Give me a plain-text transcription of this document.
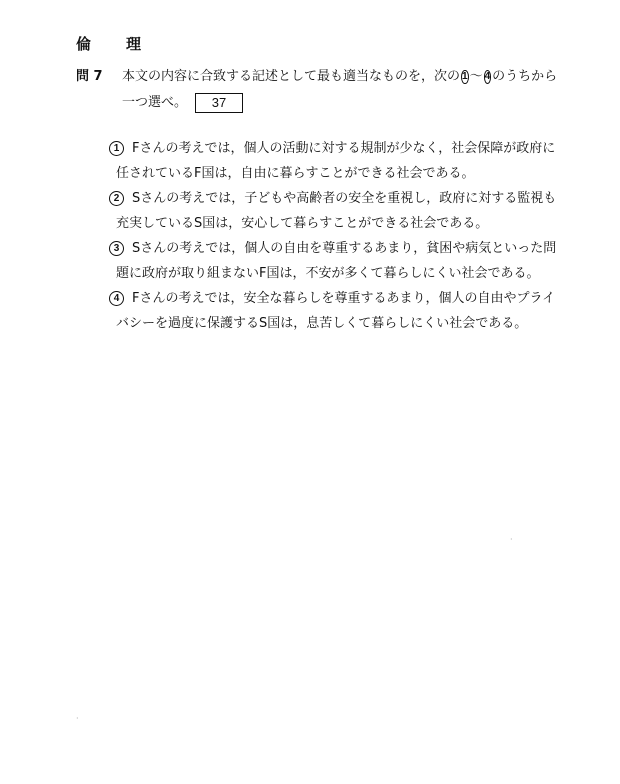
倫　理
問 7	本文の内容に合致する記述として最も適当なものを，次の 1 ～ 4 のうちから
一つ選べ。	37
1 Fさんの考えでは，個人の活動に対する規制が少なく，社会保障が政府に
任されているF国は，自由に暮らすことができる社会である。
2 Sさんの考えでは，子どもや高齢者の安全を重視し，政府に対する監視も
充実しているS国は，安心して暮らすことができる社会である。
3 Sさんの考えでは，個人の自由を尊重するあまり，貧困や病気といった問
題に政府が取り組まないF国は，不安が多くて暮らしにくい社会である。
4 Fさんの考えでは，安全な暮らしを尊重するあまり，個人の自由やプライ
バシーを過度に保護するS国は，息苦しくて暮らしにくい社会である。
·
·
